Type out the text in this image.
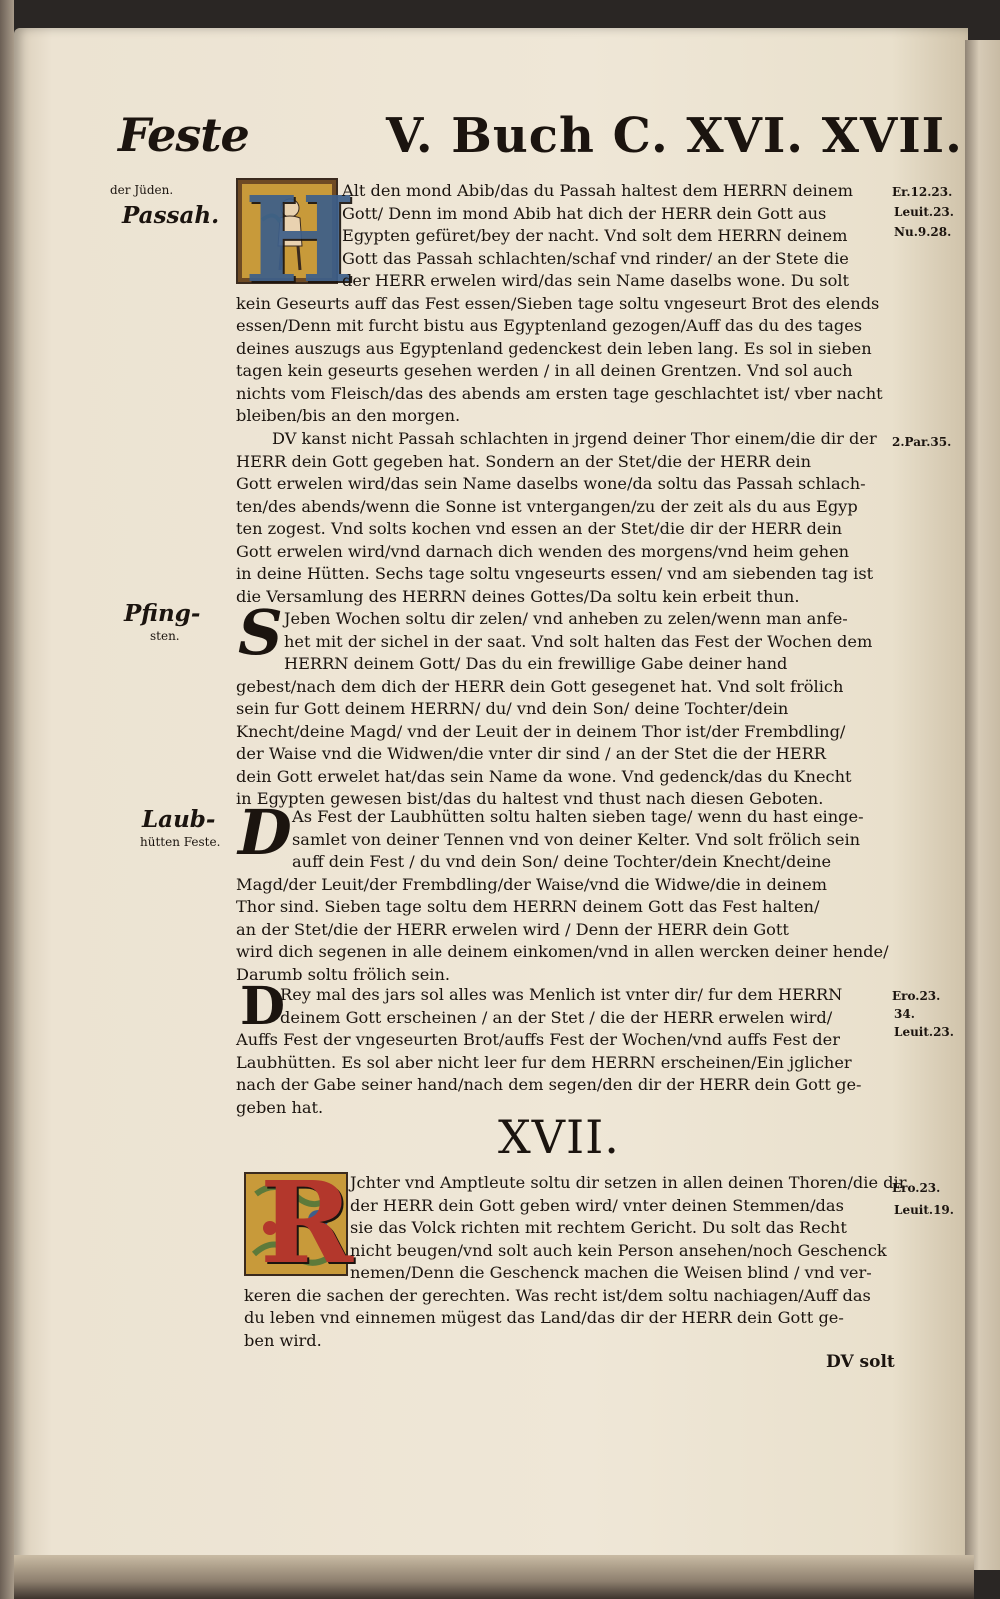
Feste	V. Buch C. XVI. XVII.
der Jüden.
Passah.
Pfing-
sten.
Laub-
hütten Feste.
Er.12.23.
Leuit.23.
Nu.9.28.
2.Par.35.
Ero.23.
34.
Leuit.23.
Ero.23.
Leuit.19.
H
Alt den mond Abib/das du Passah haltest dem HERRN deinem
Gott/ Denn im mond Abib hat dich der HERR dein Gott aus
Egypten gefüret/bey der nacht. Vnd solt dem HERRN deinem
Gott das Passah schlachten/schaf vnd rinder/ an der Stete die
der HERR erwelen wird/das sein Name daselbs wone. Du solt
kein Geseurts auff das Fest essen/Sieben tage soltu vngeseurt Brot des elends
essen/Denn mit furcht bistu aus Egyptenland gezogen/Auff das du des tages
deines auszugs aus Egyptenland gedenckest dein leben lang. Es sol in sieben
tagen kein geseurts gesehen werden / in all deinen Grentzen. Vnd sol auch
nichts vom Fleisch/das des abends am ersten tage geschlachtet ist/ vber nacht
bleiben/bis an den morgen.
DV kanst nicht Passah schlachten in jrgend deiner Thor einem/die dir der
HERR dein Gott gegeben hat. Sondern an der Stet/die der HERR dein
Gott erwelen wird/das sein Name daselbs wone/da soltu das Passah schlach-
ten/des abends/wenn die Sonne ist vntergangen/zu der zeit als du aus Egyp
ten zogest. Vnd solts kochen vnd essen an der Stet/die dir der HERR dein
Gott erwelen wird/vnd darnach dich wenden des morgens/vnd heim gehen
in deine Hütten. Sechs tage soltu vngeseurts essen/ vnd am siebenden tag ist
die Versamlung des HERRN deines Gottes/Da soltu kein erbeit thun.
S Jeben Wochen soltu dir zelen/ vnd anheben zu zelen/wenn man anfe-
het mit der sichel in der saat. Vnd solt halten das Fest der Wochen dem
HERRN deinem Gott/ Das du ein frewillige Gabe deiner hand
gebest/nach dem dich der HERR dein Gott gesegenet hat. Vnd solt frölich
sein fur Gott deinem HERRN/ du/ vnd dein Son/ deine Tochter/dein
Knecht/deine Magd/ vnd der Leuit der in deinem Thor ist/der Frembdling/
der Waise vnd die Widwen/die vnter dir sind / an der Stet die der HERR
dein Gott erwelet hat/das sein Name da wone. Vnd gedenck/das du Knecht
in Egypten gewesen bist/das du haltest vnd thust nach diesen Geboten.
D As Fest der Laubhütten soltu halten sieben tage/ wenn du hast einge-
samlet von deiner Tennen vnd von deiner Kelter. Vnd solt frölich sein
auff dein Fest / du vnd dein Son/ deine Tochter/dein Knecht/deine
Magd/der Leuit/der Frembdling/der Waise/vnd die Widwe/die in deinem
Thor sind. Sieben tage soltu dem HERRN deinem Gott das Fest halten/
an der Stet/die der HERR erwelen wird / Denn der HERR dein Gott
wird dich segenen in alle deinem einkomen/vnd in allen wercken deiner hende/
Darumb soltu frölich sein.
D
Rey mal des jars sol alles was Menlich ist vnter dir/ fur dem HERRN
deinem Gott erscheinen / an der Stet / die der HERR erwelen wird/
Auffs Fest der vngeseurten Brot/auffs Fest der Wochen/vnd auffs Fest der
Laubhütten. Es sol aber nicht leer fur dem HERRN erscheinen/Ein jglicher
nach der Gabe seiner hand/nach dem segen/den dir der HERR dein Gott ge-
geben hat.
XVII.
R
Jchter vnd Amptleute soltu dir setzen in allen deinen Thoren/die dir
der HERR dein Gott geben wird/ vnter deinen Stemmen/das
sie das Volck richten mit rechtem Gericht. Du solt das Recht
nicht beugen/vnd solt auch kein Person ansehen/noch Geschenck
nemen/Denn die Geschenck machen die Weisen blind / vnd ver-
keren die sachen der gerechten. Was recht ist/dem soltu nachiagen/Auff das
du leben vnd einnemen mügest das Land/das dir der HERR dein Gott ge-
ben wird.
DV solt
